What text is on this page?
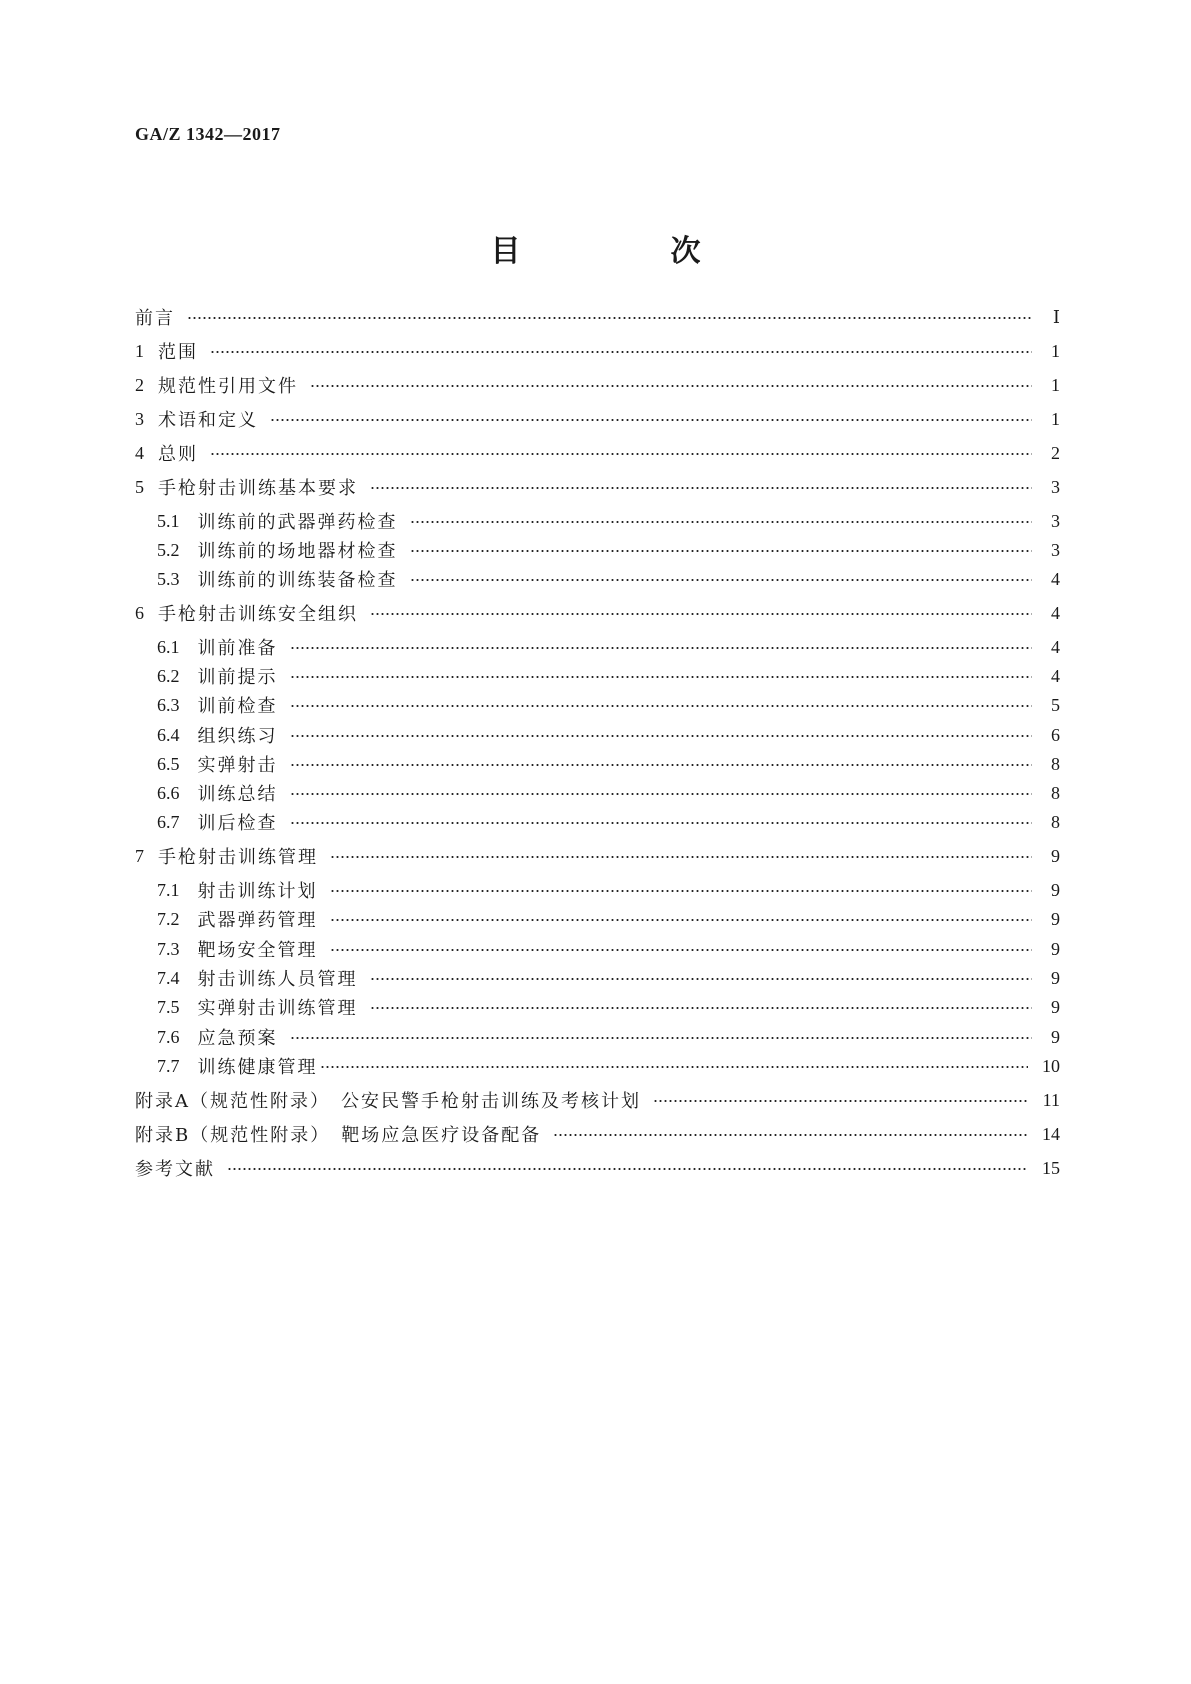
GA/Z 1342—2017
目　次
前言	Ⅰ
1 范围	1
2 规范性引用文件	1
3 术语和定义	1
4 总则	2
5 手枪射击训练基本要求	3
5.1 训练前的武器弹药检查	3
5.2 训练前的场地器材检查	3
5.3 训练前的训练装备检查	4
6 手枪射击训练安全组织	4
6.1 训前准备	4
6.2 训前提示	4
6.3 训前检查	5
6.4 组织练习	6
6.5 实弹射击	8
6.6 训练总结	8
6.7 训后检查	8
7 手枪射击训练管理	9
7.1 射击训练计划	9
7.2 武器弹药管理	9
7.3 靶场安全管理	9
7.4 射击训练人员管理	9
7.5 实弹射击训练管理	9
7.6 应急预案	9
7.7 训练健康管理	10
附录A（规范性附录）　公安民警手枪射击训练及考核计划	11
附录B（规范性附录）　靶场应急医疗设备配备	14
参考文献	15
